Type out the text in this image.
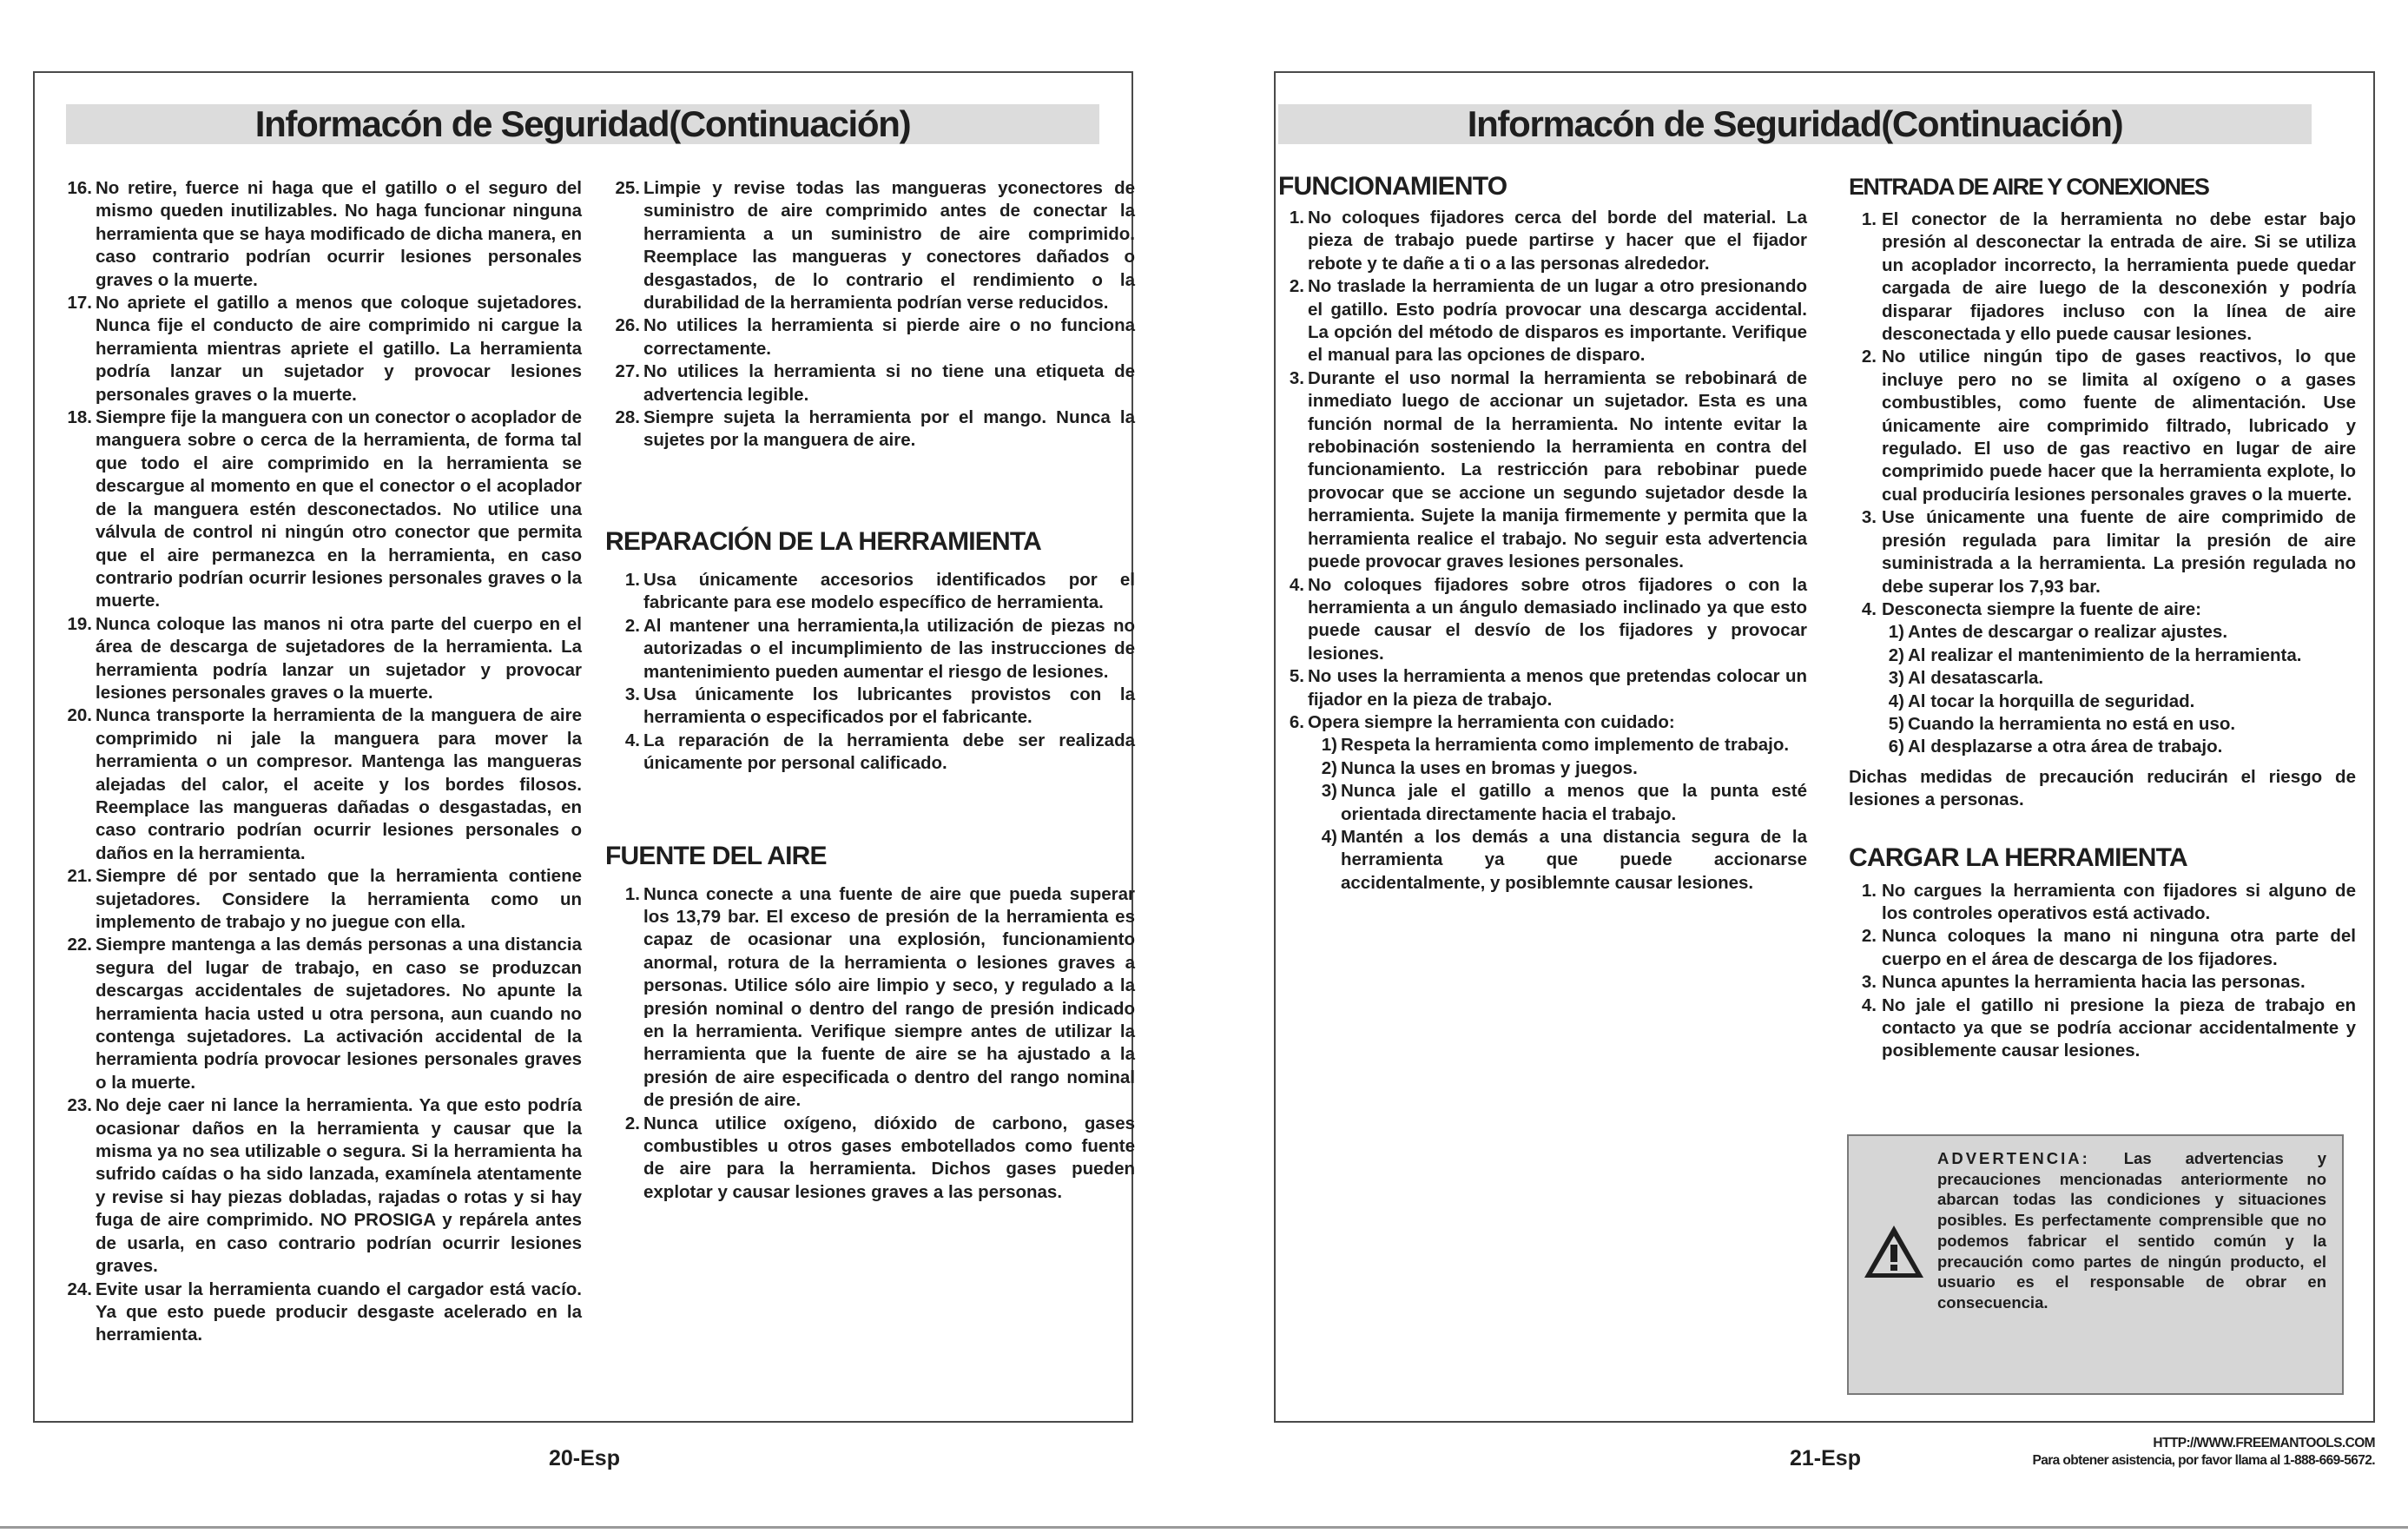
Informacón de Seguridad(Continuación)
16. No retire, fuerce ni haga que el gatillo o el seguro del mismo queden inutilizables. No haga funcionar ninguna herramienta que se haya modificado de dicha manera, en caso contrario podrían ocurrir lesiones personales graves o la muerte.
17. No apriete el gatillo a menos que coloque sujetadores. Nunca fije el conducto de aire comprimido ni cargue la herramienta mientras apriete el gatillo. La herramienta podría lanzar un sujetador y provocar lesiones personales graves o la muerte.
18. Siempre fije la manguera con un conector o acoplador de manguera sobre o cerca de la herramienta, de forma tal que todo el aire comprimido en la herramienta se descargue al momento en que el conector o el acoplador de la manguera estén desconectados. No utilice una válvula de control ni ningún otro conector que permita que el aire permanezca en la herramienta, en caso contrario podrían ocurrir lesiones personales graves o la muerte.
19. Nunca coloque las manos ni otra parte del cuerpo en el área de descarga de sujetadores de la herramienta. La herramienta podría lanzar un sujetador y provocar lesiones personales graves o la muerte.
20. Nunca transporte la herramienta de la manguera de aire comprimido ni jale la manguera para mover la herramienta o un compresor. Mantenga las mangueras alejadas del calor, el aceite y los bordes filosos. Reemplace las mangueras dañadas o desgastadas, en caso contrario podrían ocurrir lesiones personales o daños en la herramienta.
21. Siempre dé por sentado que la herramienta contiene sujetadores. Considere la herramienta como un implemento de trabajo y no juegue con ella.
22. Siempre mantenga a las demás personas a una distancia segura del lugar de trabajo, en caso se produzcan descargas accidentales de sujetadores. No apunte la herramienta hacia usted u otra persona, aun cuando no contenga sujetadores. La activación accidental de la herramienta podría provocar lesiones personales graves o la muerte.
23. No deje caer ni lance la herramienta. Ya que esto podría ocasionar daños en la herramienta y causar que la misma ya no sea utilizable o segura. Si la herramienta ha sufrido caídas o ha sido lanzada, examínela atentamente y revise si hay piezas dobladas, rajadas o rotas y si hay fuga de aire comprimido. NO PROSIGA y repárela antes de usarla, en caso contrario podrían ocurrir lesiones graves.
24. Evite usar la herramienta cuando el cargador está vacío. Ya que esto puede producir desgaste acelerado en la herramienta.
25. Limpie y revise todas las mangueras yconectores de suministro de aire comprimido antes de conectar la herramienta a un suministro de aire comprimido. Reemplace las mangueras y conectores dañados o desgastados, de lo contrario el rendimiento o la durabilidad de la herramienta podrían verse reducidos.
26. No utilices la herramienta si pierde aire o no funciona correctamente.
27. No utilices la herramienta si no tiene una etiqueta de advertencia legible.
28. Siempre sujeta la herramienta por el mango. Nunca la sujetes por la manguera de aire.
REPARACIÓN DE LA HERRAMIENTA
1. Usa únicamente accesorios identificados por el fabricante para ese modelo específico de herramienta.
2. Al mantener una herramienta,la utilización de piezas no autorizadas o el incumplimiento de las instrucciones de mantenimiento pueden aumentar el riesgo de lesiones.
3. Usa únicamente los lubricantes provistos con la herramienta o especificados por el fabricante.
4. La reparación de la herramienta debe ser realizada únicamente por personal calificado.
FUENTE DEL AIRE
1. Nunca conecte a una fuente de aire que pueda superar los 13,79 bar. El exceso de presión de la herramienta es capaz de ocasionar una explosión, funcionamiento anormal, rotura de la herramienta o lesiones graves a personas. Utilice sólo aire limpio y seco, y regulado a la presión nominal o dentro del rango de presión indicado en la herramienta. Verifique siempre antes de utilizar la herramienta que la fuente de aire se ha ajustado a la presión de aire especificada o dentro del rango nominal de presión de aire.
2. Nunca utilice oxígeno, dióxido de carbono, gases combustibles u otros gases embotellados como fuente de aire para la herramienta. Dichos gases pueden explotar y causar lesiones graves a las personas.
20-Esp
Informacón de Seguridad(Continuación)
FUNCIONAMIENTO
1. No coloques fijadores cerca del borde del material. La pieza de trabajo puede partirse y hacer que el fijador rebote y te dañe a ti o a las personas alrededor.
2. No traslade la herramienta de un lugar a otro presionando el gatillo. Esto podría provocar una descarga accidental. La opción del método de disparos es importante. Verifique el manual para las opciones de disparo.
3. Durante el uso normal la herramienta se rebobinará de inmediato luego de accionar un sujetador. Esta es una función normal de la herramienta. No intente evitar la rebobinación sosteniendo la herramienta en contra del funcionamiento. La restricción para rebobinar puede provocar que se accione un segundo sujetador desde la herramienta. Sujete la manija firmemente y permita que la herramienta realice el trabajo. No seguir esta advertencia puede provocar graves lesiones personales.
4. No coloques fijadores sobre otros fijadores o con la herramienta a un ángulo demasiado inclinado ya que esto puede causar el desvío de los fijadores y provocar lesiones.
5. No uses la herramienta a menos que pretendas colocar un fijador en la pieza de trabajo.
6. Opera siempre la herramienta con cuidado:
1) Respeta la herramienta como implemento de trabajo.
2) Nunca la uses en bromas y juegos.
3) Nunca jale el gatillo a menos que la punta esté orientada directamente hacia el trabajo.
4) Mantén a los demás a una distancia segura de la herramienta ya que puede accionarse accidentalmente, y posiblemnte causar lesiones.
ENTRADA DE AIRE Y CONEXIONES
1. El conector de la herramienta no debe estar bajo presión al desconectar la entrada de aire. Si se utiliza un acoplador incorrecto, la herramienta puede quedar cargada de aire luego de la desconexión y podría disparar fijadores incluso con la línea de aire desconectada y ello puede causar lesiones.
2. No utilice ningún tipo de gases reactivos, lo que incluye pero no se limita al oxígeno o a gases combustibles, como fuente de alimentación. Use únicamente aire comprimido filtrado, lubricado y regulado. El uso de gas reactivo en lugar de aire comprimido puede hacer que la herramienta explote, lo cual produciría lesiones personales graves o la muerte.
3. Use únicamente una fuente de aire comprimido de presión regulada para limitar la presión de aire suministrada a la herramienta. La presión regulada no debe superar los 7,93 bar.
4. Desconecta siempre la fuente de aire:
1) Antes de descargar o realizar ajustes.
2) Al realizar el mantenimiento de la herramienta.
3) Al desatascarla.
4) Al tocar la horquilla de seguridad.
5) Cuando la herramienta no está en uso.
6) Al desplazarse a otra área de trabajo.

Dichas medidas de precaución reducirán el riesgo de lesiones a personas.

CARGAR LA HERRAMIENTA
1. No cargues la herramienta con fijadores si alguno de los controles operativos está activado.
2. Nunca coloques la mano ni ninguna otra parte del cuerpo en el área de descarga de los fijadores.
3. Nunca apuntes la herramienta hacia las personas.
4. No jale el gatillo ni presione la pieza de trabajo en contacto ya que se podría accionar accidentalmente y posiblemente causar lesiones.
ADVERTENCIA: Las advertencias y precauciones mencionadas anteriormente no abarcan todas las condiciones y situaciones posibles. Es perfectamente comprensible que no podemos fabricar el sentido común y la precaución como partes de ningún producto, el usuario es el responsable de obrar en consecuencia.
21-Esp
HTTP://WWW.FREEMANTOOLS.COM
Para obtener asistencia, por favor llama al 1-888-669-5672.
